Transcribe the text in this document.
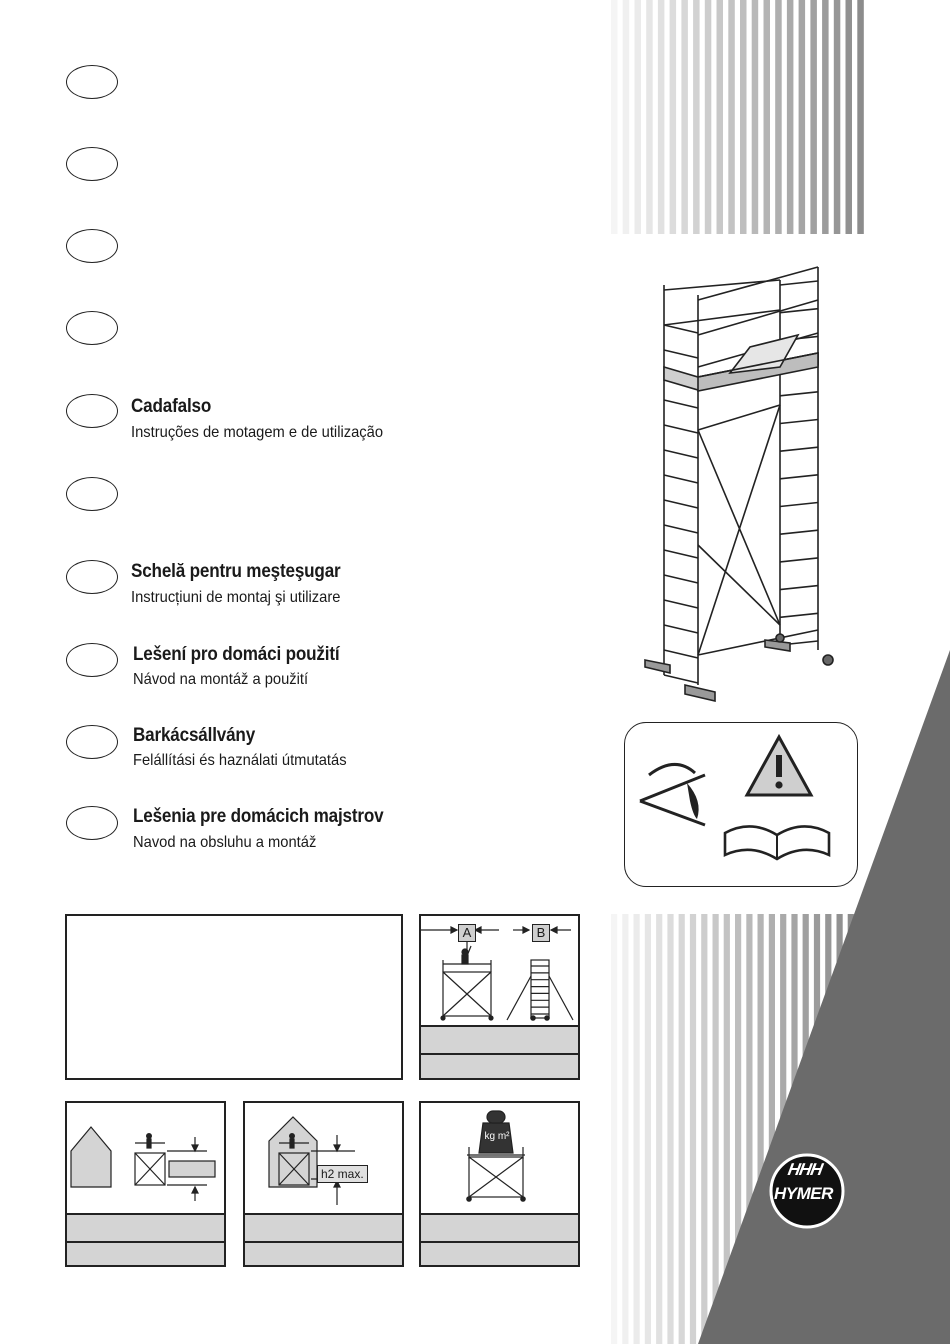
Cadafalso
Instruções de motagem e de utilização
Schelă pentru meşteşugar
Instrucțiuni de montaj şi utilizare
Lešení pro domáci použití
Návod na montáž a použití
Barkácsállvány
Felállítási és haználati útmutatás
Lešenia pre domácich majstrov
Navod na obsluhu a montáž
A	B
h2 max.
kg m²
HHH
HYMER
